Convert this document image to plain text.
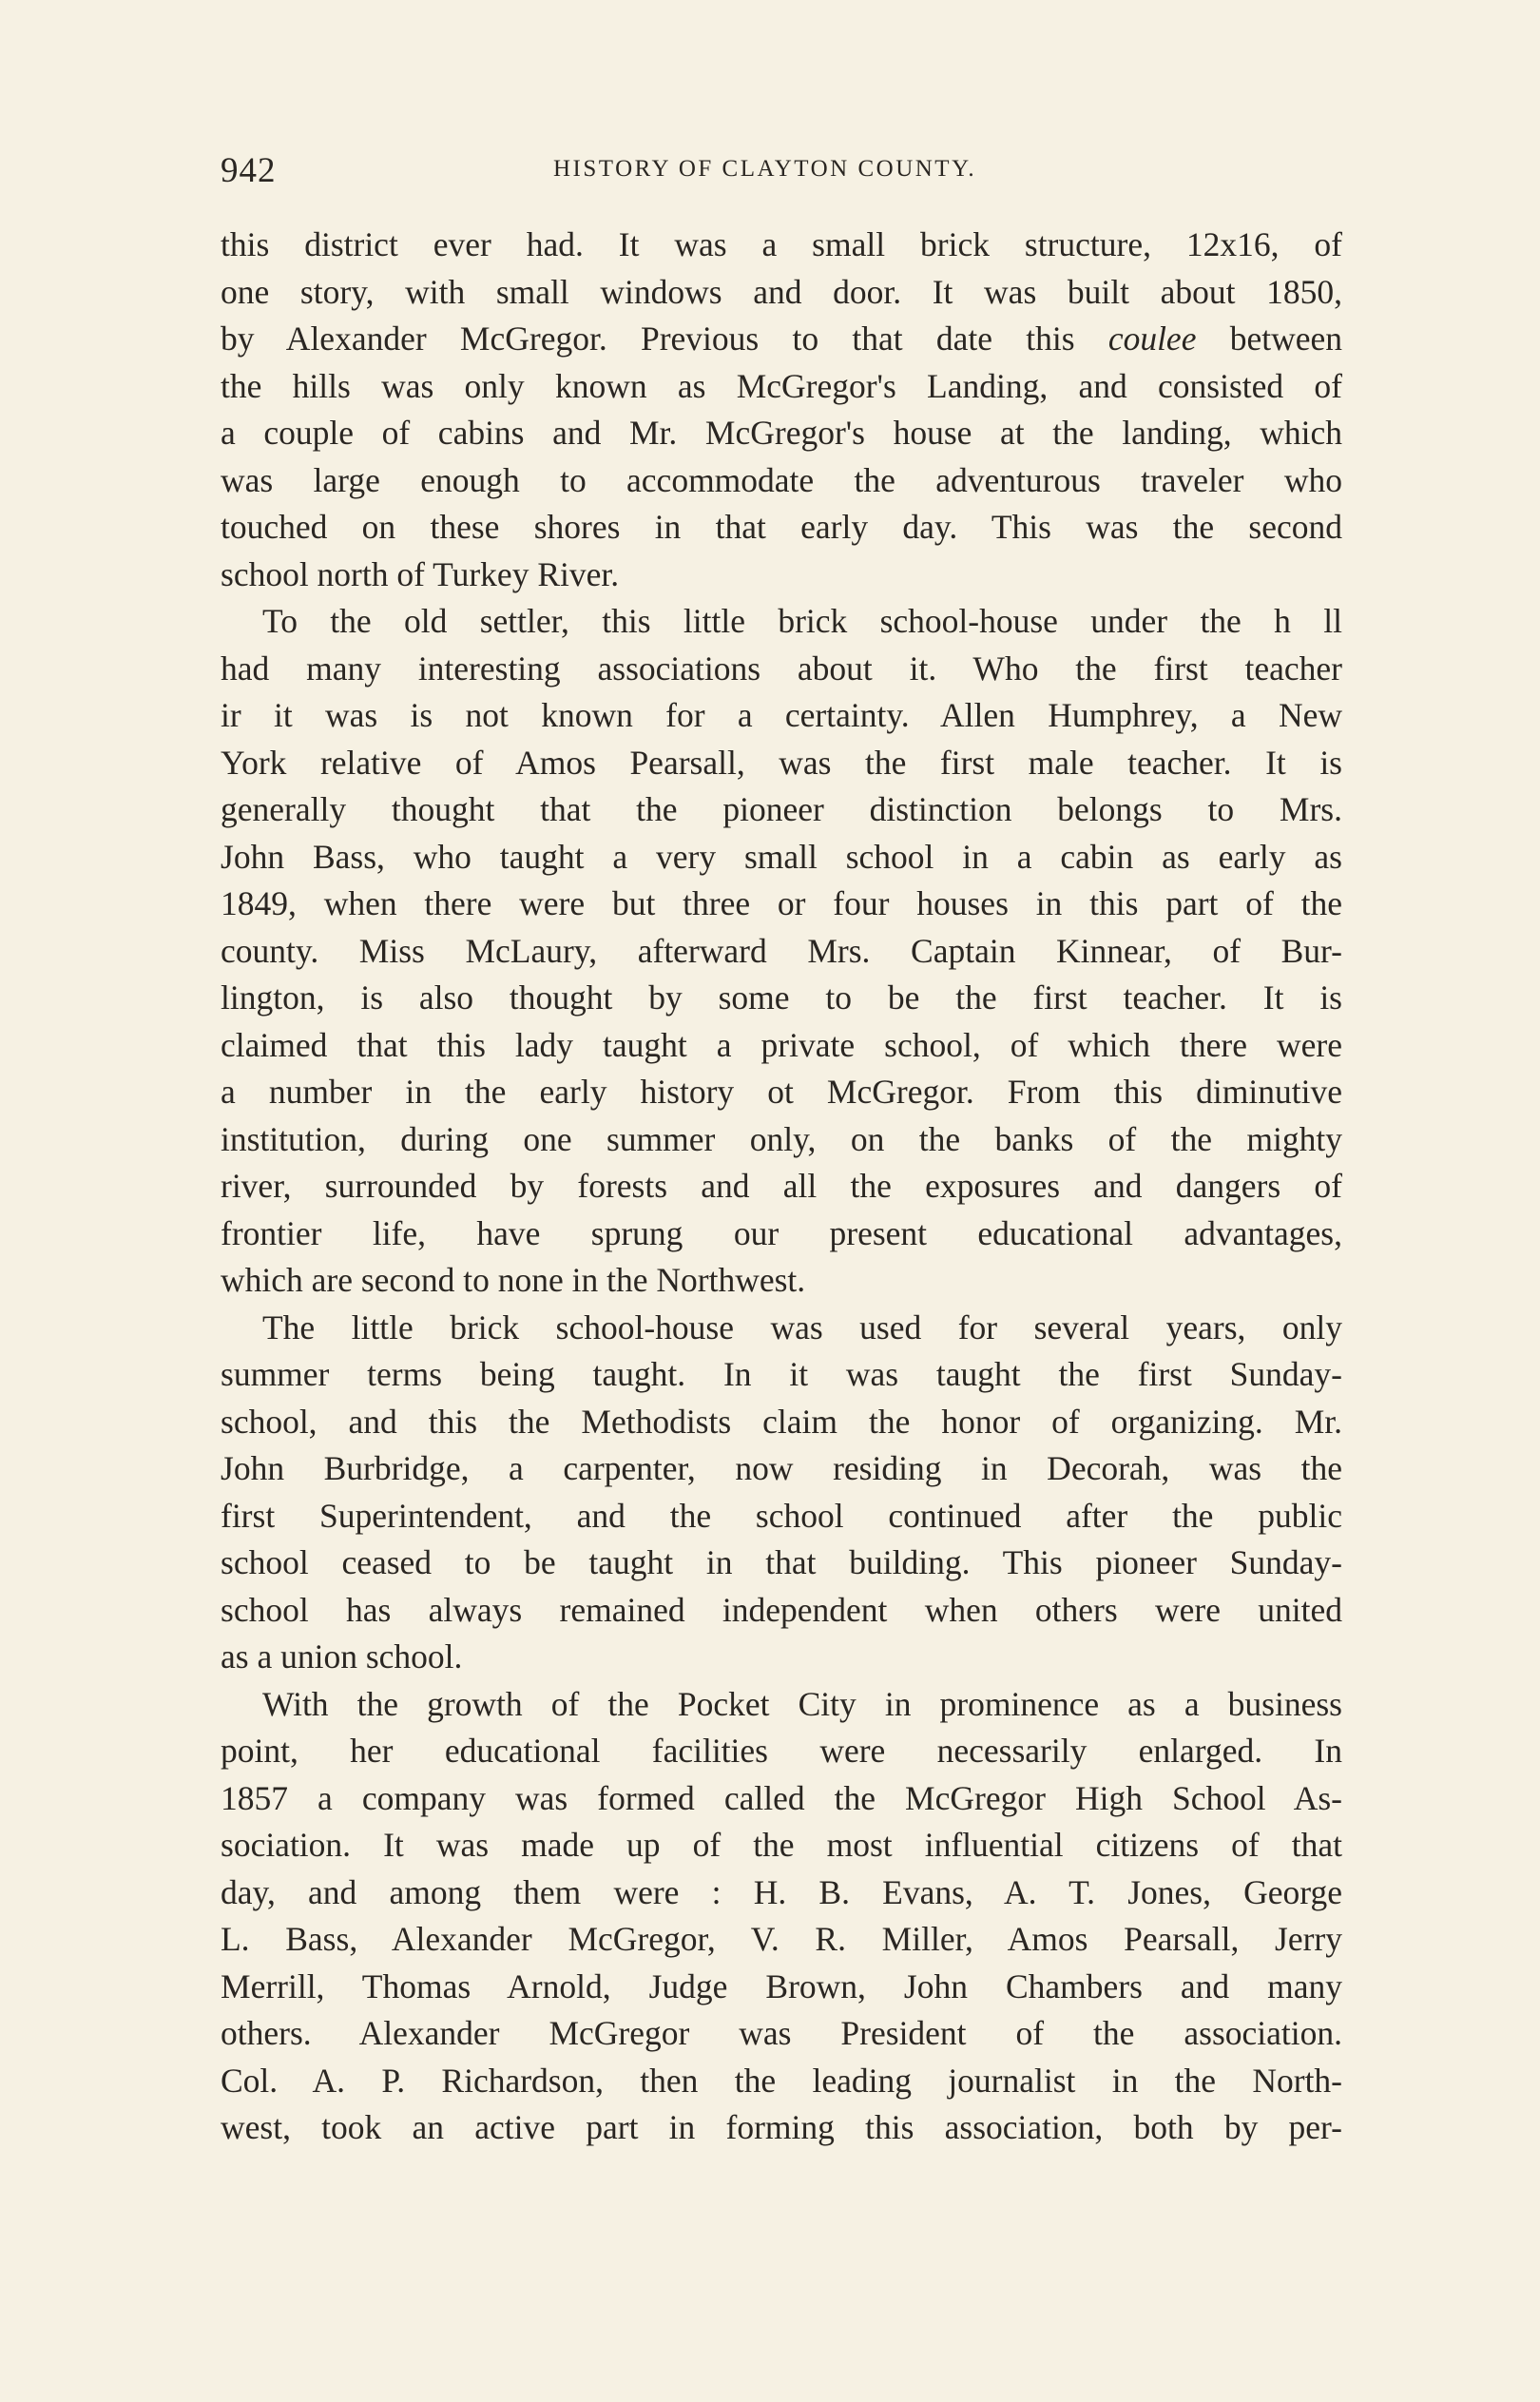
942	HISTORY OF CLAYTON COUNTY.
this district ever had. It was a small brick structure, 12x16, of
one story, with small windows and door. It was built about 1850,
by Alexander McGregor. Previous to that date this coulee between
the hills was only known as McGregor's Landing, and consisted of
a couple of cabins and Mr. McGregor's house at the landing, which
was large enough to accommodate the adventurous traveler who
touched on these shores in that early day. This was the second
school north of Turkey River.
To the old settler, this little brick school-house under the h ll
had many interesting associations about it. Who the first teacher
ir it was is not known for a certainty. Allen Humphrey, a New
York relative of Amos Pearsall, was the first male teacher. It is
generally thought that the pioneer distinction belongs to Mrs.
John Bass, who taught a very small school in a cabin as early as
1849, when there were but three or four houses in this part of the
county. Miss McLaury, afterward Mrs. Captain Kinnear, of Bur-
lington, is also thought by some to be the first teacher. It is
claimed that this lady taught a private school, of which there were
a number in the early history ot McGregor. From this diminutive
institution, during one summer only, on the banks of the mighty
river, surrounded by forests and all the exposures and dangers of
frontier life, have sprung our present educational advantages,
which are second to none in the Northwest.
The little brick school-house was used for several years, only
summer terms being taught. In it was taught the first Sunday-
school, and this the Methodists claim the honor of organizing. Mr.
John Burbridge, a carpenter, now residing in Decorah, was the
first Superintendent, and the school continued after the public
school ceased to be taught in that building. This pioneer Sunday-
school has always remained independent when others were united
as a union school.
With the growth of the Pocket City in prominence as a business
point, her educational facilities were necessarily enlarged. In
1857 a company was formed called the McGregor High School As-
sociation. It was made up of the most influential citizens of that
day, and among them were : H. B. Evans, A. T. Jones, George
L. Bass, Alexander McGregor, V. R. Miller, Amos Pearsall, Jerry
Merrill, Thomas Arnold, Judge Brown, John Chambers and many
others. Alexander McGregor was President of the association.
Col. A. P. Richardson, then the leading journalist in the North-
west, took an active part in forming this association, both by per-
